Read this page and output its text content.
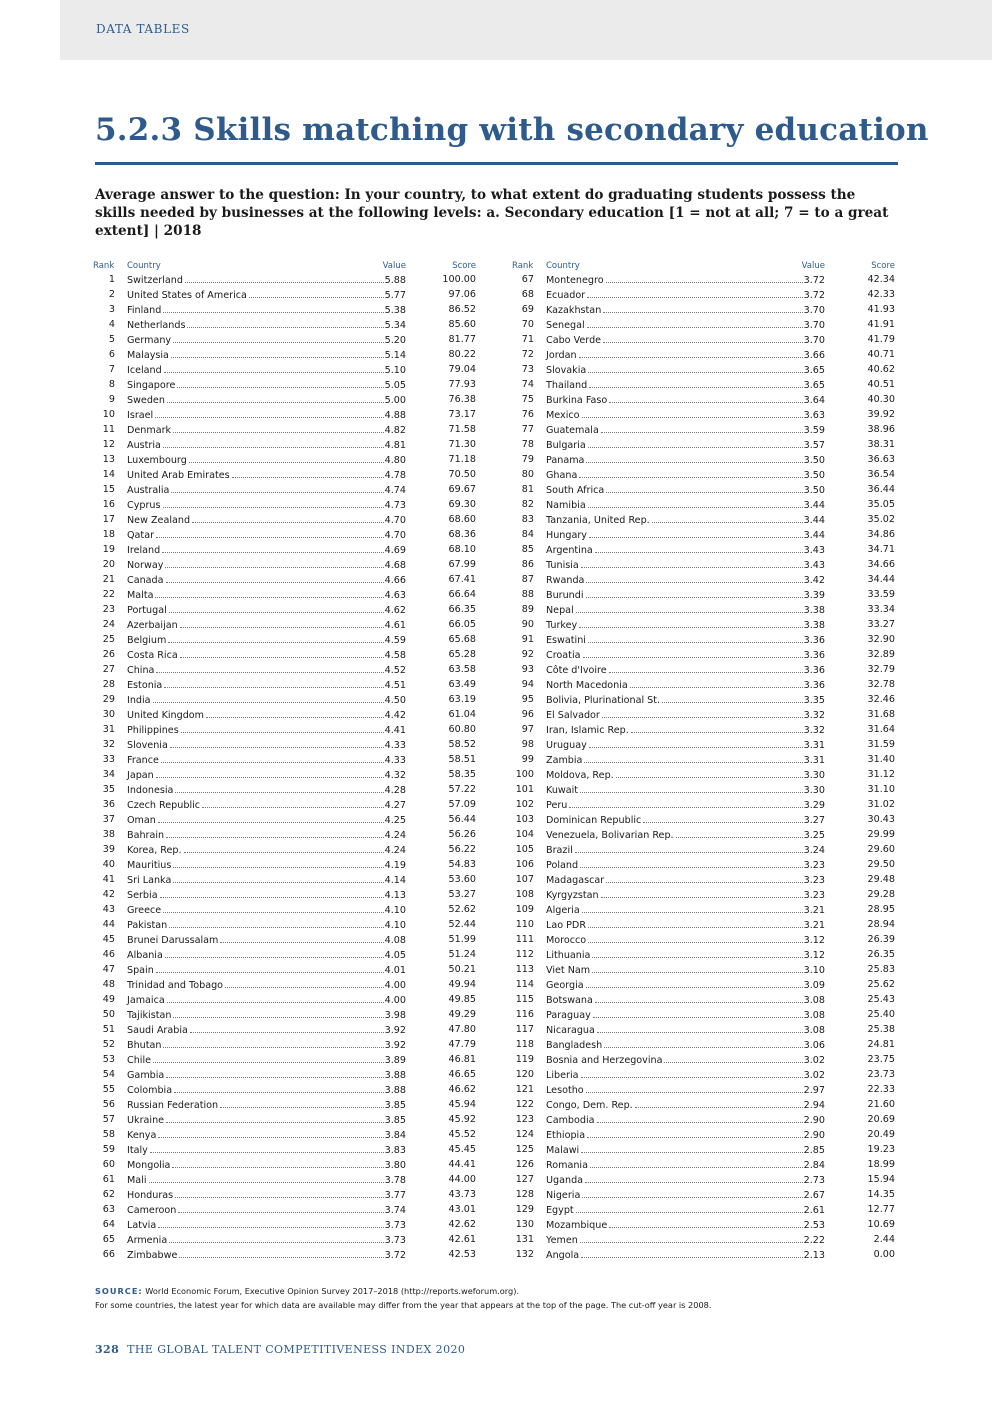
DATA TABLES
5.2.3 Skills matching with secondary education

Average answer to the question: In your country, to what extent do graduating students possess the skills needed by businesses at the following levels: a. Secondary education [1 = not at all; 7 = to a great extent] | 2018

Rank Country	Value	Score
1 Switzerland	5.88	100.00
2 United States of America	5.77	97.06
3 Finland	5.38	86.52
4 Netherlands	5.34	85.60
5 Germany	5.20	81.77
6 Malaysia	5.14	80.22
7 Iceland	5.10	79.04
8 Singapore	5.05	77.93
9 Sweden	5.00	76.38
10 Israel	4.88	73.17
11 Denmark	4.82	71.58
12 Austria	4.81	71.30
13 Luxembourg	4.80	71.18
14 United Arab Emirates	4.78	70.50
15 Australia	4.74	69.67
16 Cyprus	4.73	69.30
17 New Zealand	4.70	68.60
18 Qatar	4.70	68.36
19 Ireland	4.69	68.10
20 Norway	4.68	67.99
21 Canada	4.66	67.41
22 Malta	4.63	66.64
23 Portugal	4.62	66.35
24 Azerbaijan	4.61	66.05
25 Belgium	4.59	65.68
26 Costa Rica	4.58	65.28
27 China	4.52	63.58
28 Estonia	4.51	63.49
29 India	4.50	63.19
30 United Kingdom	4.42	61.04
31 Philippines	4.41	60.80
32 Slovenia	4.33	58.52
33 France	4.33	58.51
34 Japan	4.32	58.35
35 Indonesia	4.28	57.22
36 Czech Republic	4.27	57.09
37 Oman	4.25	56.44
38 Bahrain	4.24	56.26
39 Korea, Rep.	4.24	56.22
40 Mauritius	4.19	54.83
41 Sri Lanka	4.14	53.60
42 Serbia	4.13	53.27
43 Greece	4.10	52.62
44 Pakistan	4.10	52.44
45 Brunei Darussalam	4.08	51.99
46 Albania	4.05	51.24
47 Spain	4.01	50.21
48 Trinidad and Tobago	4.00	49.94
49 Jamaica	4.00	49.85
50 Tajikistan	3.98	49.29
51 Saudi Arabia	3.92	47.80
52 Bhutan	3.92	47.79
53 Chile	3.89	46.81
54 Gambia	3.88	46.65
55 Colombia	3.88	46.62
56 Russian Federation	3.85	45.94
57 Ukraine	3.85	45.92
58 Kenya	3.84	45.52
59 Italy	3.83	45.45
60 Mongolia	3.80	44.41
61 Mali	3.78	44.00
62 Honduras	3.77	43.73
63 Cameroon	3.74	43.01
64 Latvia	3.73	42.62
65 Armenia	3.73	42.61
66 Zimbabwe	3.72	42.53
Rank Country	Value	Score
67 Montenegro	3.72	42.34
68 Ecuador	3.72	42.33
69 Kazakhstan	3.70	41.93
70 Senegal	3.70	41.91
71 Cabo Verde	3.70	41.79
72 Jordan	3.66	40.71
73 Slovakia	3.65	40.62
74 Thailand	3.65	40.51
75 Burkina Faso	3.64	40.30
76 Mexico	3.63	39.92
77 Guatemala	3.59	38.96
78 Bulgaria	3.57	38.31
79 Panama	3.50	36.63
80 Ghana	3.50	36.54
81 South Africa	3.50	36.44
82 Namibia	3.44	35.05
83 Tanzania, United Rep.	3.44	35.02
84 Hungary	3.44	34.86
85 Argentina	3.43	34.71
86 Tunisia	3.43	34.66
87 Rwanda	3.42	34.44
88 Burundi	3.39	33.59
89 Nepal	3.38	33.34
90 Turkey	3.38	33.27
91 Eswatini	3.36	32.90
92 Croatia	3.36	32.89
93 Côte d'Ivoire	3.36	32.79
94 North Macedonia	3.36	32.78
95 Bolivia, Plurinational St.	3.35	32.46
96 El Salvador	3.32	31.68
97 Iran, Islamic Rep.	3.32	31.64
98 Uruguay	3.31	31.59
99 Zambia	3.31	31.40
100 Moldova, Rep.	3.30	31.12
101 Kuwait	3.30	31.10
102 Peru	3.29	31.02
103 Dominican Republic	3.27	30.43
104 Venezuela, Bolivarian Rep.	3.25	29.99
105 Brazil	3.24	29.60
106 Poland	3.23	29.50
107 Madagascar	3.23	29.48
108 Kyrgyzstan	3.23	29.28
109 Algeria	3.21	28.95
110 Lao PDR	3.21	28.94
111 Morocco	3.12	26.39
112 Lithuania	3.12	26.35
113 Viet Nam	3.10	25.83
114 Georgia	3.09	25.62
115 Botswana	3.08	25.43
116 Paraguay	3.08	25.40
117 Nicaragua	3.08	25.38
118 Bangladesh	3.06	24.81
119 Bosnia and Herzegovina	3.02	23.75
120 Liberia	3.02	23.73
121 Lesotho	2.97	22.33
122 Congo, Dem. Rep.	2.94	21.60
123 Cambodia	2.90	20.69
124 Ethiopia	2.90	20.49
125 Malawi	2.85	19.23
126 Romania	2.84	18.99
127 Uganda	2.73	15.94
128 Nigeria	2.67	14.35
129 Egypt	2.61	12.77
130 Mozambique	2.53	10.69
131 Yemen	2.22	2.44
132 Angola	2.13	0.00

SOURCE: World Economic Forum, Executive Opinion Survey 2017–2018 (http://reports.weforum.org).
For some countries, the latest year for which data are available may differ from the year that appears at the top of the page. The cut-off year is 2008.

328 THE GLOBAL TALENT COMPETITIVENESS INDEX 2020
